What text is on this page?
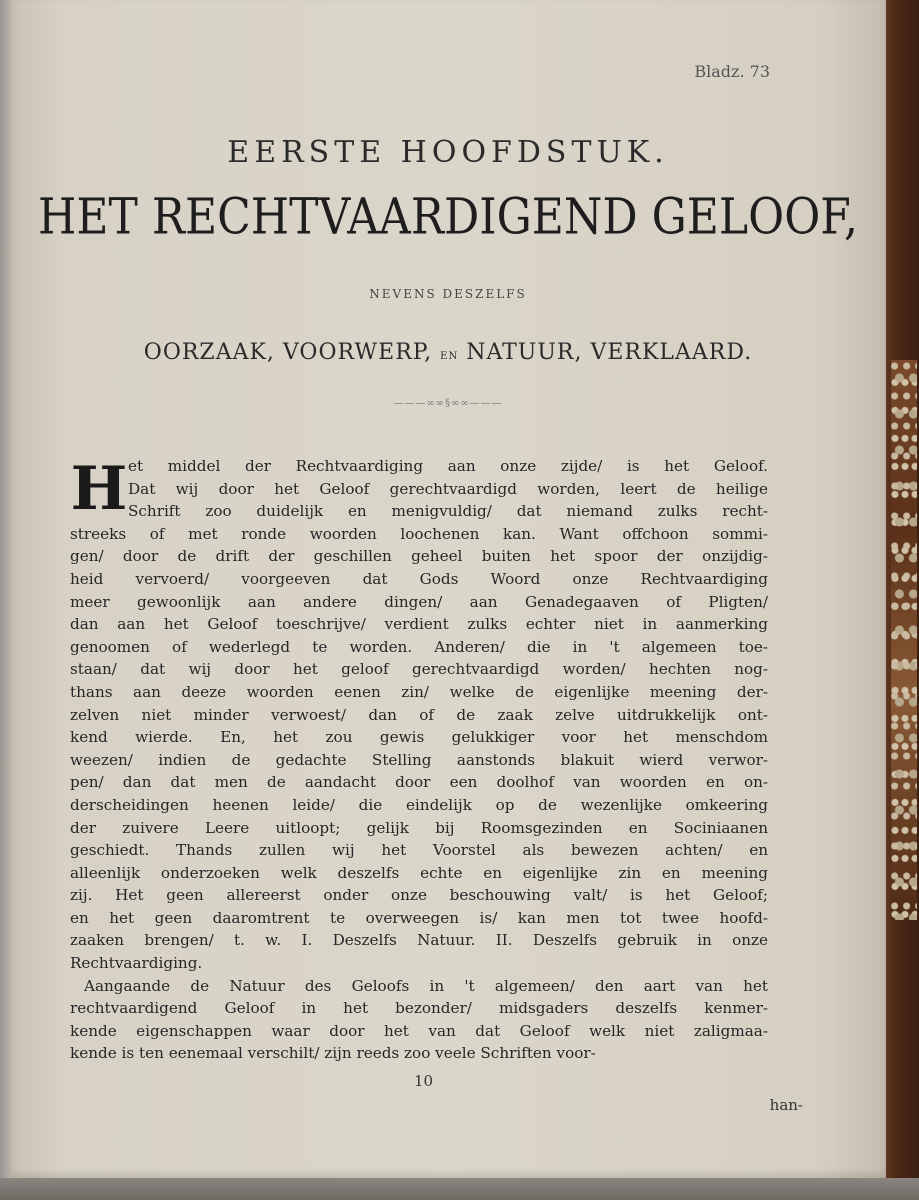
Bladz. 73
EERSTE HOOFDSTUK.
HET RECHTVAARDIGEND GELOOF,
NEVENS DESZELFS
OORZAAK, VOORWERP, EN NATUUR, VERKLAARD.
———∞∞§∞∞———
H et middel der Rechtvaardiging aan onze zijde/ is het Geloof.
Dat wij door het Geloof gerechtvaardigd worden, leert de heilige
Schrift zoo duidelijk en menigvuldig/ dat niemand zulks recht-
streeks of met ronde woorden loochenen kan. Want offchoon sommi-
gen/ door de drift der geschillen geheel buiten het spoor der onzijdig-
heid vervoerd/ voorgeeven dat Gods Woord onze Rechtvaardiging
meer gewoonlijk aan andere dingen/ aan Genadegaaven of Pligten/
dan aan het Geloof toeschrijve/ verdient zulks echter niet in aanmerking
genoomen of wederlegd te worden. Anderen/ die in 't algemeen toe-
staan/ dat wij door het geloof gerechtvaardigd worden/ hechten nog-
thans aan deeze woorden eenen zin/ welke de eigenlijke meening der-
zelven niet minder verwoest/ dan of de zaak zelve uitdrukkelijk ont-
kend wierde. En, het zou gewis gelukkiger voor het menschdom
weezen/ indien de gedachte Stelling aanstonds blakuit wierd verwor-
pen/ dan dat men de aandacht door een doolhof van woorden en on-
derscheidingen heenen leide/ die eindelijk op de wezenlijke omkeering
der zuivere Leere uitloopt; gelijk bij Roomsgezinden en Sociniaanen
geschiedt. Thands zullen wij het Voorstel als bewezen achten/ en
alleenlijk onderzoeken welk deszelfs echte en eigenlijke zin en meening
zij. Het geen allereerst onder onze beschouwing valt/ is het Geloof;
en het geen daaromtrent te overweegen is/ kan men tot twee hoofd-
zaaken brengen/ t. w. I. Deszelfs Natuur. II. Deszelfs gebruik in onze
Rechtvaardiging.
Aangaande de Natuur des Geloofs in 't algemeen/ den aart van het
rechtvaardigend Geloof in het bezonder/ midsgaders deszelfs kenmer-
kende eigenschappen waar door het van dat Geloof welk niet zaligmaa-
kende is ten eenemaal verschilt/ zijn reeds zoo veele Schriften voor-
10
han-
